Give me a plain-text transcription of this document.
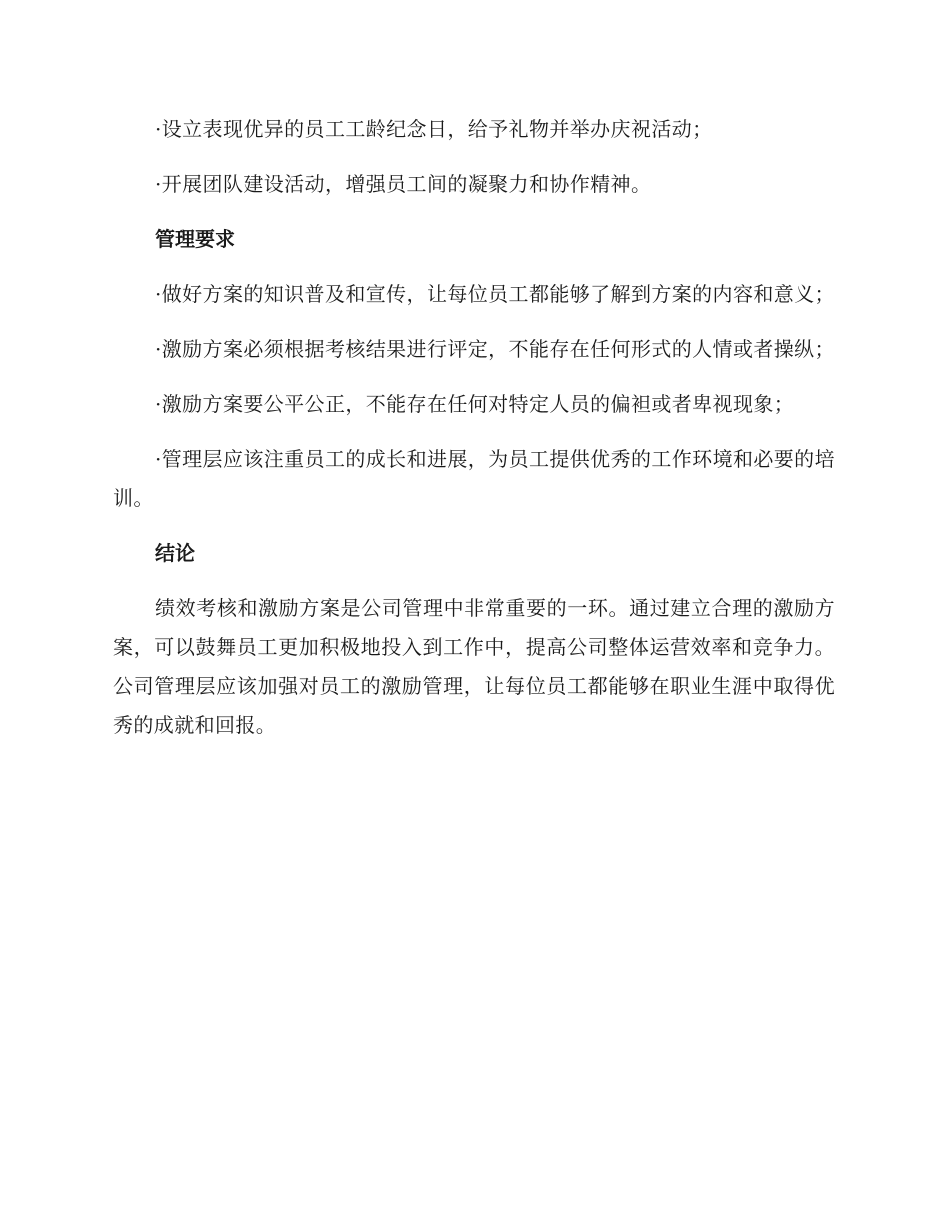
·设立表现优异的员工工龄纪念日，给予礼物并举办庆祝活动；

·开展团队建设活动，增强员工间的凝聚力和协作精神。

管理要求

·做好方案的知识普及和宣传，让每位员工都能够了解到方案的内容和意义；

·激励方案必须根据考核结果进行评定，不能存在任何形式的人情或者操纵；

·激励方案要公平公正，不能存在任何对特定人员的偏袒或者卑视现象；

·管理层应该注重员工的成长和进展，为员工提供优秀的工作环境和必要的培训。

结论

绩效考核和激励方案是公司管理中非常重要的一环。通过建立合理的激励方案，可以鼓舞员工更加积极地投入到工作中，提高公司整体运营效率和竞争力。公司管理层应该加强对员工的激励管理，让每位员工都能够在职业生涯中取得优秀的成就和回报。
